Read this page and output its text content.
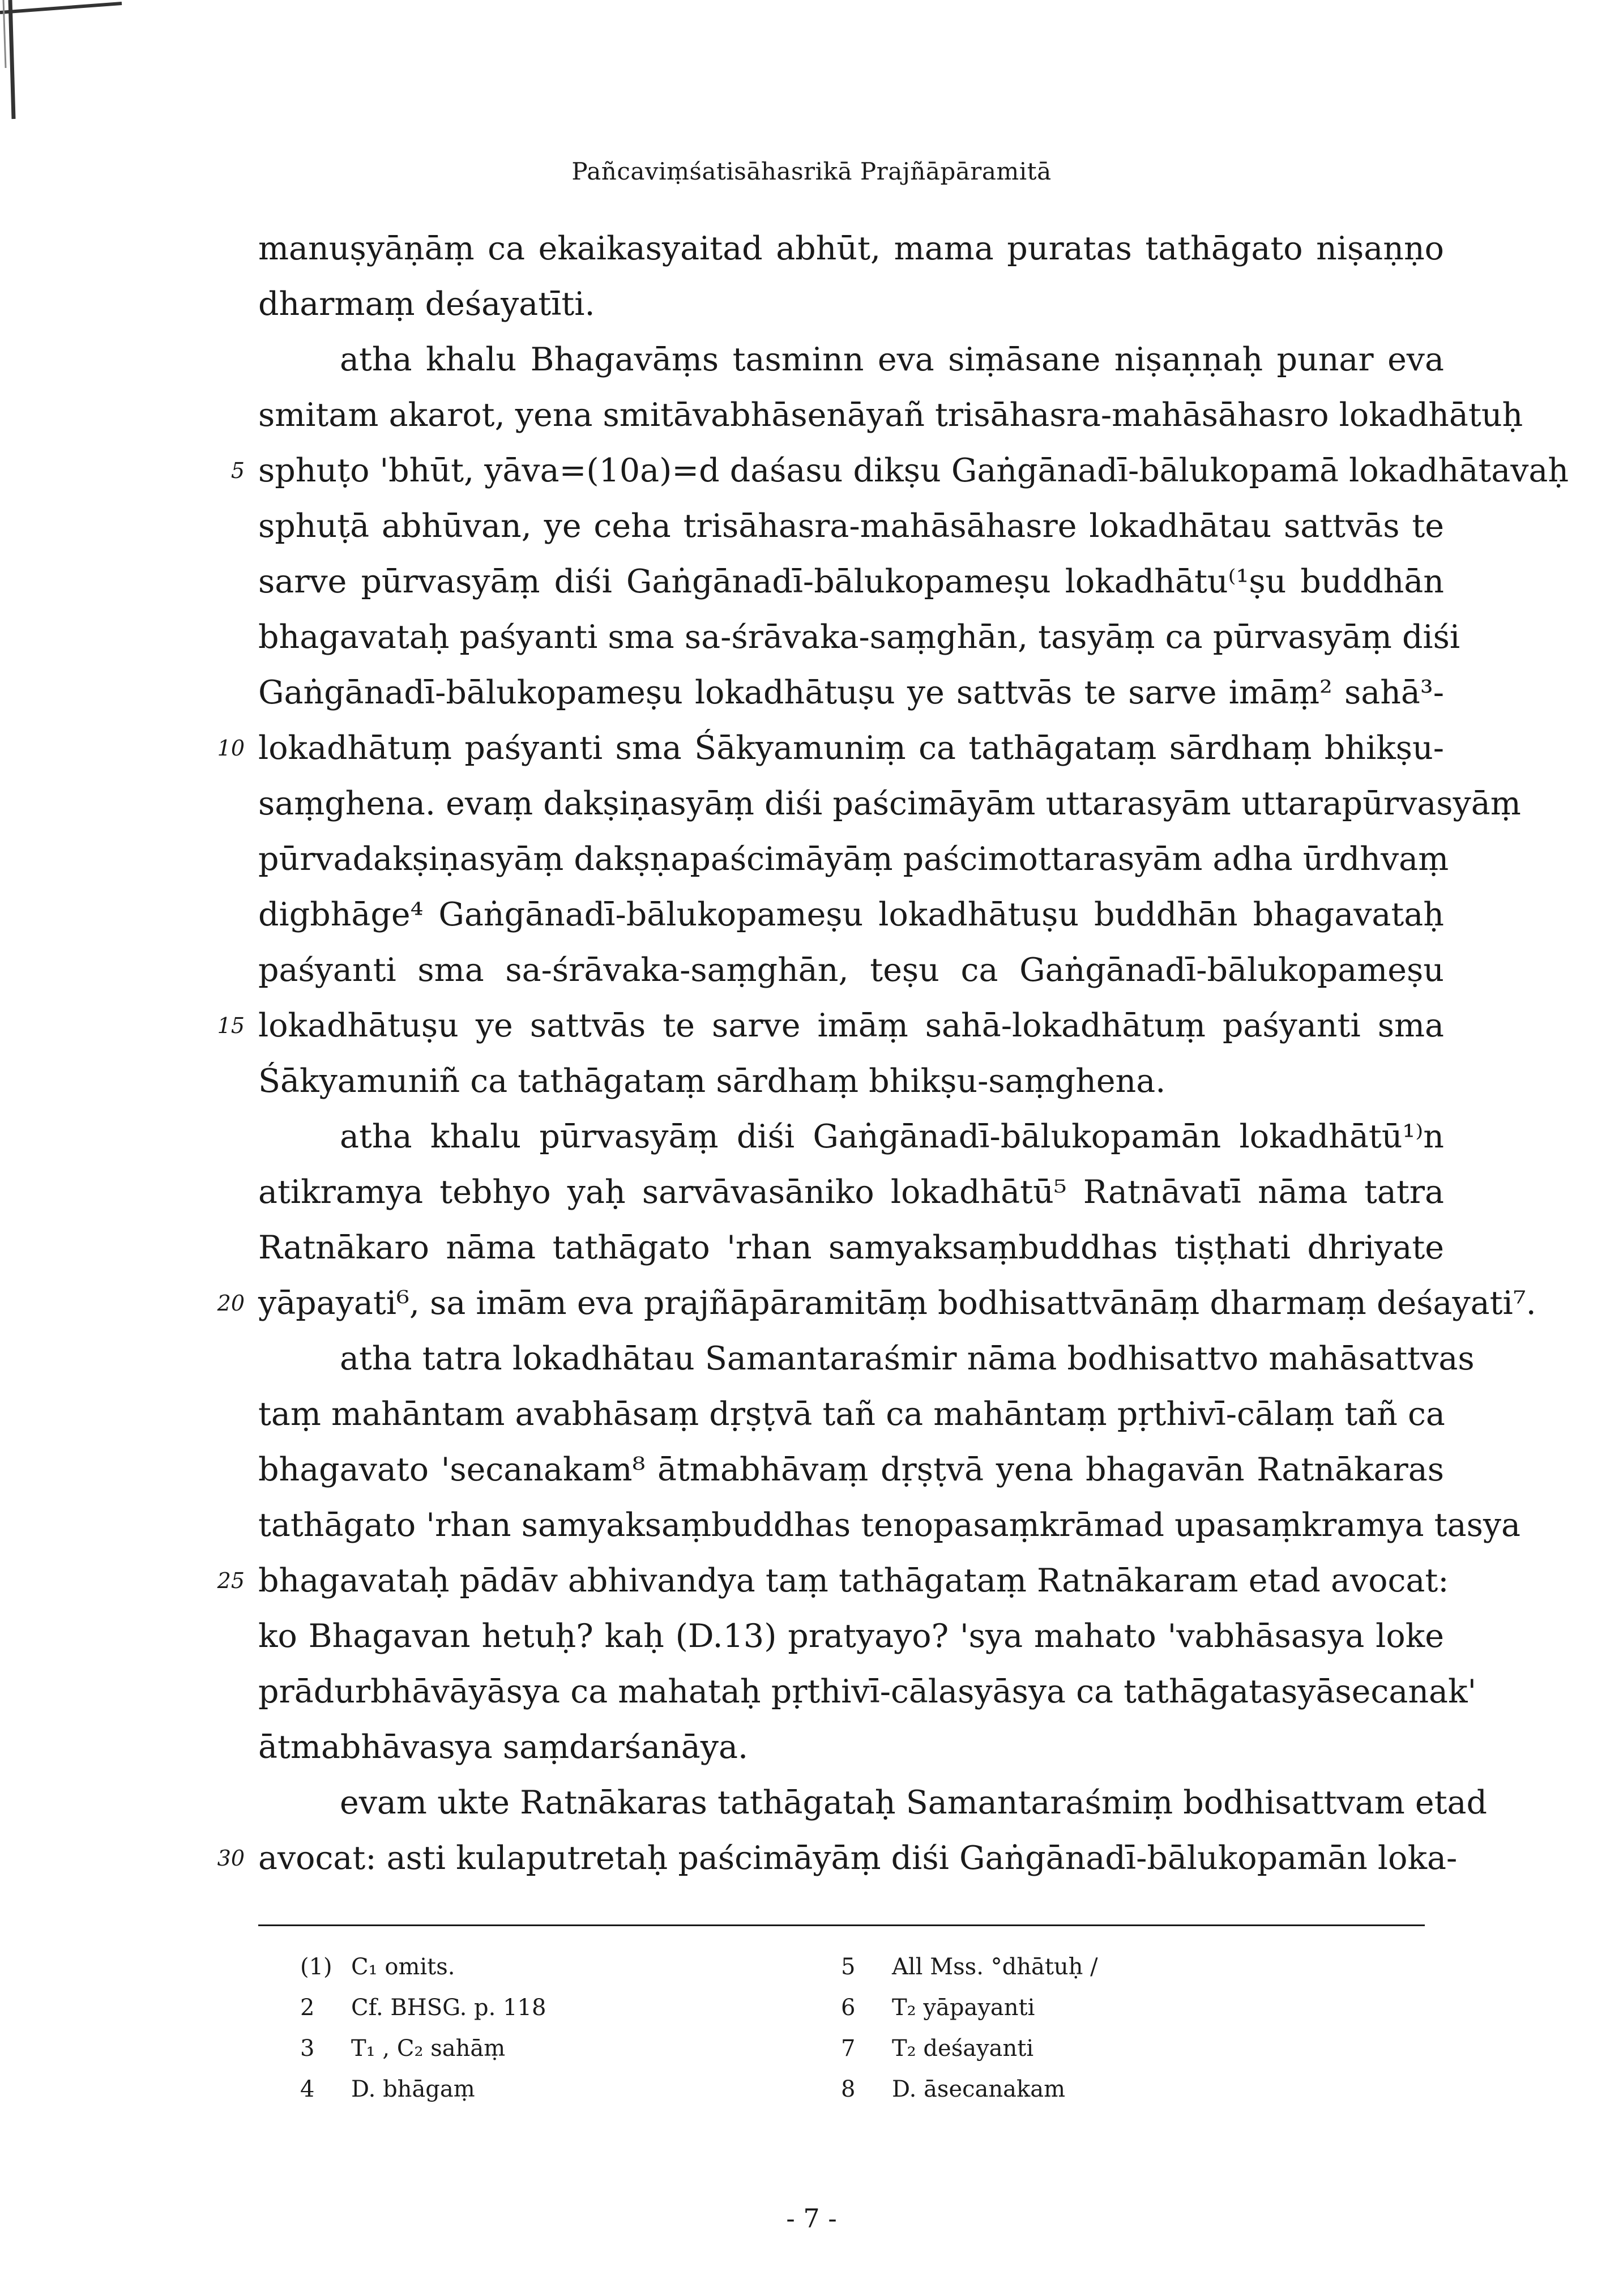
Pañcaviṃśatisāhasrikā Prajñāpāramitā
manuṣyāṇāṃ ca ekaikasyaitad abhūt, mama puratas tathāgato niṣaṇṇo
dharmaṃ deśayatīti.
atha khalu Bhagavāṃs tasminn eva siṃāsane niṣaṇṇaḥ punar eva
smitam akarot, yena smitāvabhāsenāyañ trisāhasra-mahāsāhasro lokadhātuḥ
5 sphuṭo 'bhūt, yāva=(10a)=d daśasu dikṣu Gaṅgānadī-bālukopamā lokadhātavaḥ
sphuṭā abhūvan, ye ceha trisāhasra-mahāsāhasre lokadhātau sattvās te
sarve pūrvasyāṃ diśi Gaṅgānadī-bālukopameṣu lokadhātu⁽¹ṣu buddhān
bhagavataḥ paśyanti sma sa-śrāvaka-saṃghān, tasyāṃ ca pūrvasyāṃ diśi
Gaṅgānadī-bālukopameṣu lokadhātuṣu ye sattvās te sarve imāṃ² sahā³-
10 lokadhātuṃ paśyanti sma Śākyamuniṃ ca tathāgataṃ sārdhaṃ bhikṣu-
saṃghena. evaṃ dakṣiṇasyāṃ diśi paścimāyām uttarasyām uttarapūrvasyāṃ
pūrvadakṣiṇasyāṃ dakṣṇapaścimāyāṃ paścimottarasyām adha ūrdhvaṃ
digbhāge⁴ Gaṅgānadī-bālukopameṣu lokadhātuṣu buddhān bhagavataḥ
paśyanti sma sa-śrāvaka-saṃghān, teṣu ca Gaṅgānadī-bālukopameṣu
15 lokadhātuṣu ye sattvās te sarve imāṃ sahā-lokadhātuṃ paśyanti sma
Śākyamuniñ ca tathāgataṃ sārdhaṃ bhikṣu-saṃghena.
atha khalu pūrvasyāṃ diśi Gaṅgānadī-bālukopamān lokadhātū¹⁾n
atikramya tebhyo yaḥ sarvāvasāniko lokadhātū⁵ Ratnāvatī nāma tatra
Ratnākaro nāma tathāgato 'rhan samyaksaṃbuddhas tiṣṭhati dhriyate
20 yāpayati⁶, sa imām eva prajñāpāramitāṃ bodhisattvānāṃ dharmaṃ deśayati⁷.
atha tatra lokadhātau Samantaraśmir nāma bodhisattvo mahāsattvas
taṃ mahāntam avabhāsaṃ dṛṣṭvā tañ ca mahāntaṃ pṛthivī-cālaṃ tañ ca
bhagavato 'secanakam⁸ ātmabhāvaṃ dṛṣṭvā yena bhagavān Ratnākaras
tathāgato 'rhan samyaksaṃbuddhas tenopasaṃkrāmad upasaṃkramya tasya
25 bhagavataḥ pādāv abhivandya taṃ tathāgataṃ Ratnākaram etad avocat:
ko Bhagavan hetuḥ? kaḥ (D.13) pratyayo? 'sya mahato 'vabhāsasya loke
prādurbhāvāyāsya ca mahataḥ pṛthivī-cālasyāsya ca tathāgatasyāsecanak'
ātmabhāvasya saṃdarśanāya.
evam ukte Ratnākaras tathāgataḥ Samantaraśmiṃ bodhisattvam etad
30 avocat: asti kulaputretaḥ paścimāyāṃ diśi Gaṅgānadī-bālukopamān loka-
(1) C₁ omits.
2 Cf. BHSG. p. 118
3 T₁ , C₂ sahāṃ
4 D. bhāgaṃ
5 All Mss. °dhātuḥ /
6 T₂ yāpayanti
7 T₂ deśayanti
8 D. āsecanakam
- 7 -
